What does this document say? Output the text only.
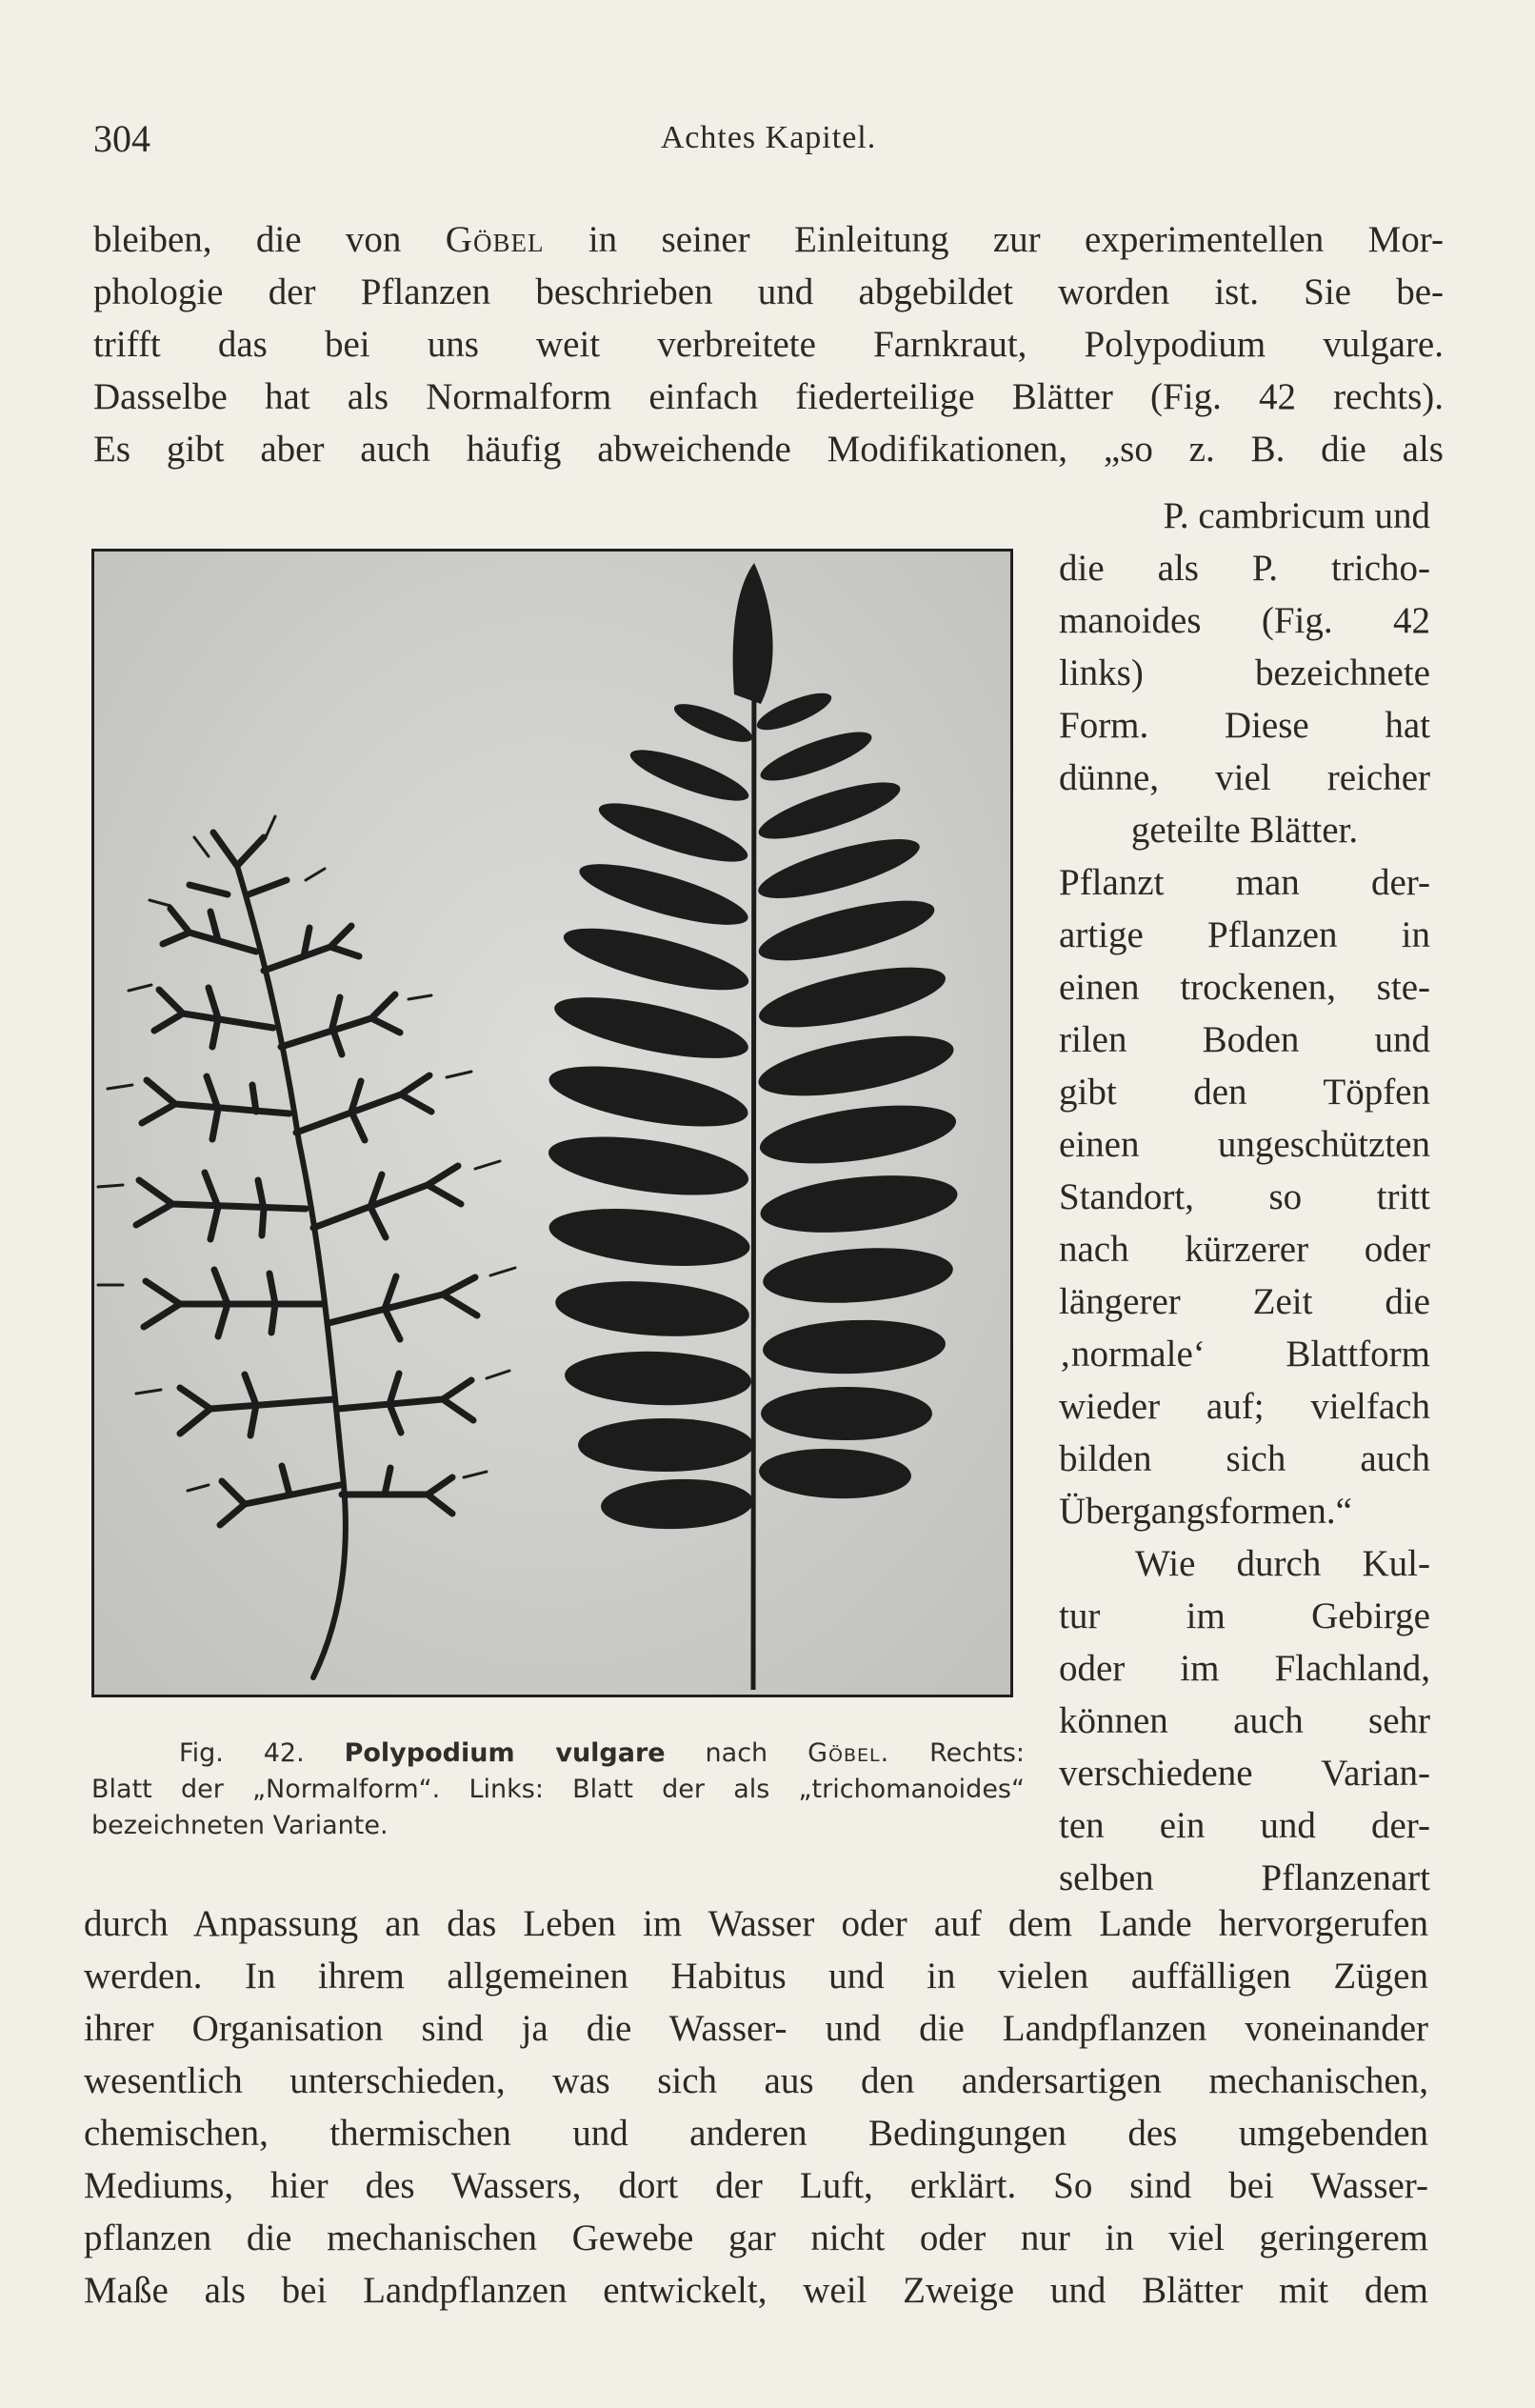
304	Achtes Kapitel.
bleiben, die von Göbel in seiner Einleitung zur experimentellen Mor-
phologie der Pflanzen beschrieben und abgebildet worden ist. Sie be-
trifft das bei uns weit verbreitete Farnkraut, Polypodium vulgare.
Dasselbe hat als Normalform einfach fiederteilige Blätter (Fig. 42 rechts).
Es gibt aber auch häufig abweichende Modifikationen, „so z. B. die als
P. cambricum und
die als P. tricho-
manoides (Fig. 42
links) bezeichnete
Form. Diese hat
dünne, viel reicher
geteilte Blätter.
Pflanzt man der-
artige Pflanzen in
einen trockenen, ste-
rilen Boden und
gibt den Töpfen
einen ungeschützten
Standort, so tritt
nach kürzerer oder
längerer Zeit die
‚normale‘ Blattform
wieder auf; vielfach
bilden sich auch
Übergangsformen.“
Wie durch Kul-
tur im Gebirge
oder im Flachland,
können auch sehr
verschiedene Varian-
ten ein und der-
selben Pflanzenart
Fig. 42. Polypodium vulgare nach Göbel. Rechts:
Blatt der „Normalform“. Links: Blatt der als „trichomanoides“
bezeichneten Variante.
durch Anpassung an das Leben im Wasser oder auf dem Lande hervorgerufen
werden. In ihrem allgemeinen Habitus und in vielen auffälligen Zügen
ihrer Organisation sind ja die Wasser- und die Landpflanzen voneinander
wesentlich unterschieden, was sich aus den andersartigen mechanischen,
chemischen, thermischen und anderen Bedingungen des umgebenden
Mediums, hier des Wassers, dort der Luft, erklärt. So sind bei Wasser-
pflanzen die mechanischen Gewebe gar nicht oder nur in viel geringerem
Maße als bei Landpflanzen entwickelt, weil Zweige und Blätter mit dem
